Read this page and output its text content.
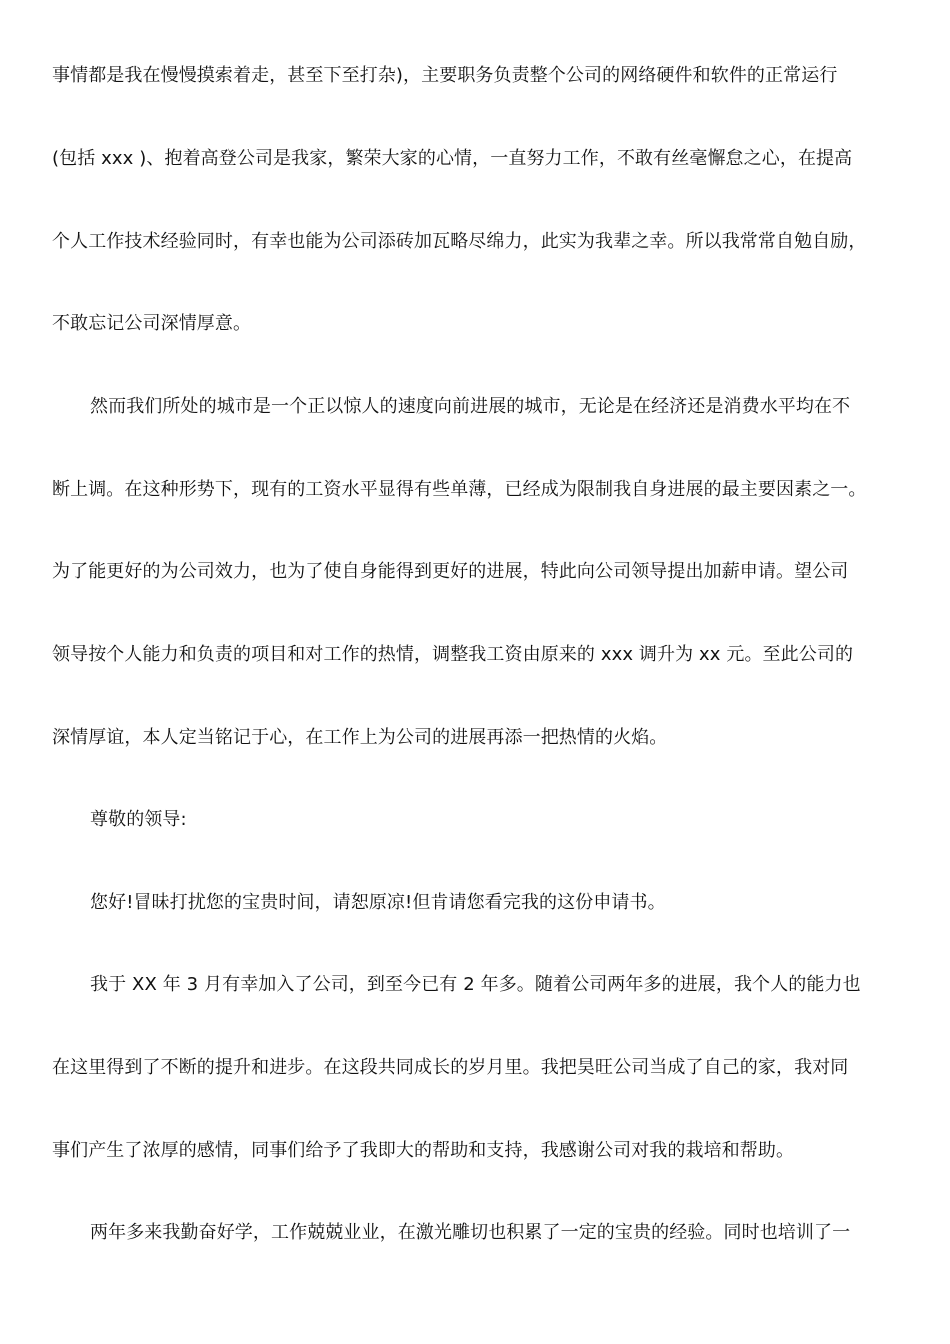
事情都是我在慢慢摸索着走，甚至下至打杂)，主要职务负责整个公司的网络硬件和软件的正常运行
(包括 xxx )、抱着高登公司是我家，繁荣大家的心情，一直努力工作，不敢有丝毫懈怠之心，在提高
个人工作技术经验同时，有幸也能为公司添砖加瓦略尽绵力，此实为我辈之幸。所以我常常自勉自励，
不敢忘记公司深情厚意。
然而我们所处的城市是一个正以惊人的速度向前进展的城市，无论是在经济还是消费水平均在不
断上调。在这种形势下，现有的工资水平显得有些单薄，已经成为限制我自身进展的最主要因素之一。
为了能更好的为公司效力，也为了使自身能得到更好的进展，特此向公司领导提出加薪申请。望公司
领导按个人能力和负责的项目和对工作的热情，调整我工资由原来的 xxx 调升为 xx 元。至此公司的
深情厚谊，本人定当铭记于心，在工作上为公司的进展再添一把热情的火焰。
尊敬的领导:
您好!冒昧打扰您的宝贵时间，请恕原凉!但肯请您看完我的这份申请书。
我于 XX 年 3 月有幸加入了公司，到至今已有 2 年多。随着公司两年多的进展，我个人的能力也
在这里得到了不断的提升和进步。在这段共同成长的岁月里。我把昊旺公司当成了自己的家，我对同
事们产生了浓厚的感情，同事们给予了我即大的帮助和支持，我感谢公司对我的栽培和帮助。
两年多来我勤奋好学，工作兢兢业业，在激光雕切也积累了一定的宝贵的经验。同时也培训了一
